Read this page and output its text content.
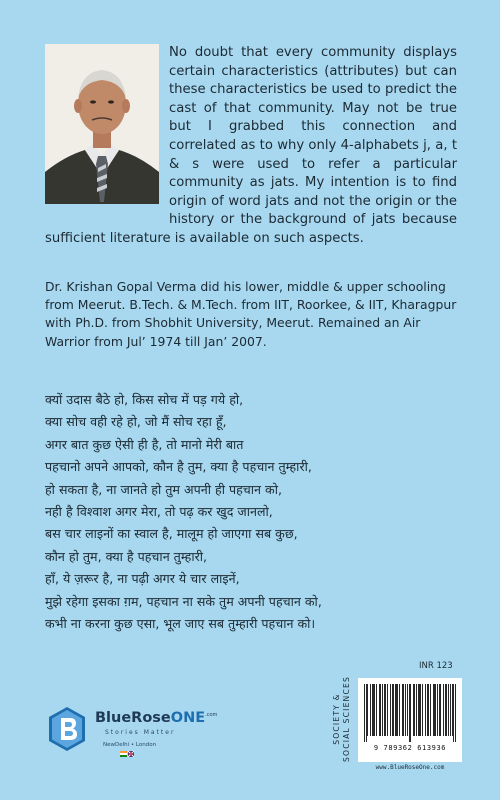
No doubt that every community displays certain characteristics (attributes) but can these characteristics be used to predict the cast of that community. May not be true but I grabbed this connection and correlated as to why only 4-alphabets j, a, t & s were used to refer a particular community as jats. My intention is to find origin of word jats and not the origin or the history or the background of jats because sufficient literature is available on such aspects.

Dr. Krishan Gopal Verma did his lower, middle & upper schooling from Meerut. B.Tech. & M.Tech. from IIT, Roorkee, & IIT, Kharagpur with Ph.D. from Shobhit University, Meerut. Remained an Air Warrior from Jul’ 1974 till Jan’ 2007.

क्यों उदास बैठे हो, किस सोच में पड़ गये हो,
क्या सोच वही रहे हो, जो मैं सोच रहा हूँ,
अगर बात कुछ ऐसी ही है, तो मानो मेरी बात
पहचानो अपने आपको, कौन है तुम, क्या है पहचान तुम्हारी,
हो सकता है, ना जानते हो तुम अपनी ही पहचान को,
नही है विश्वाश अगर मेरा, तो पढ़ कर खुद जानलो,
बस चार लाइनों का स्वाल है, मालूम हो जाएगा सब कुछ,
कौन हो तुम, क्या है पहचान तुम्हारी,
हाँ, ये ज़रूर है, ना पढ़ी अगर ये चार लाइनें,
मुझे रहेगा इसका ग़म, पहचान ना सके तुम अपनी पहचान को,
कभी ना करना कुछ एसा, भूल जाए सब तुम्हारी पहचान को।
BlueRoseONE$^{.com}$
Stories Matter
NewDelhi • London
SOCIETY &
SOCIAL SCIENCES
INR 123
9 789362 613936
www.BlueRoseOne.com
